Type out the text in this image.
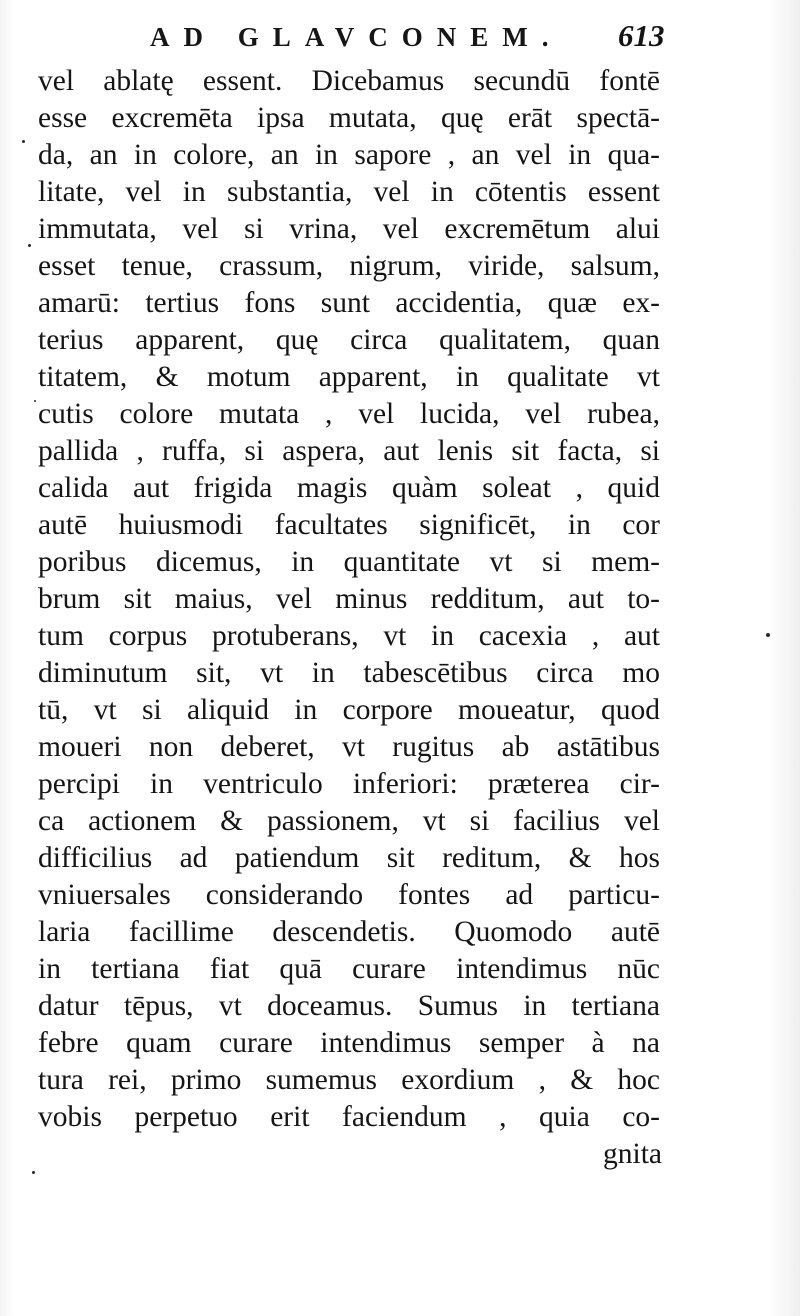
AD GLAVCONEM. 613
vel ablatę essent. Dicebamus secundū fontē
esse excremēta ipsa mutata, quę erāt spectā-
da, an in colore, an in sapore , an vel in qua-
litate, vel in substantia, vel in cōtentis essent
immutata, vel si vrina, vel excremētum alui
esset tenue, crassum, nigrum, viride, salsum,
amarū: tertius fons sunt accidentia, quæ ex-
terius apparent, quę circa qualitatem, quan
titatem, & motum apparent, in qualitate vt
cutis colore mutata , vel lucida, vel rubea,
pallida , ruffa, si aspera, aut lenis sit facta, si
calida aut frigida magis quàm soleat , quid
autē huiusmodi facultates significēt, in cor
poribus dicemus, in quantitate vt si mem-
brum sit maius, vel minus redditum, aut to-
tum corpus protuberans, vt in cacexia , aut
diminutum sit, vt in tabescētibus circa mo
tū, vt si aliquid in corpore moueatur, quod
moueri non deberet, vt rugitus ab astātibus
percipi in ventriculo inferiori: præterea cir-
ca actionem & passionem, vt si facilius vel
difficilius ad patiendum sit reditum, & hos
vniuersales considerando fontes ad particu-
laria facillime descendetis. Quomodo autē
in tertiana fiat quā curare intendimus nūc
datur tēpus, vt doceamus. Sumus in tertiana
febre quam curare intendimus semper à na
tura rei, primo sumemus exordium , & hoc
vobis perpetuo erit faciendum , quia co-
gnita
